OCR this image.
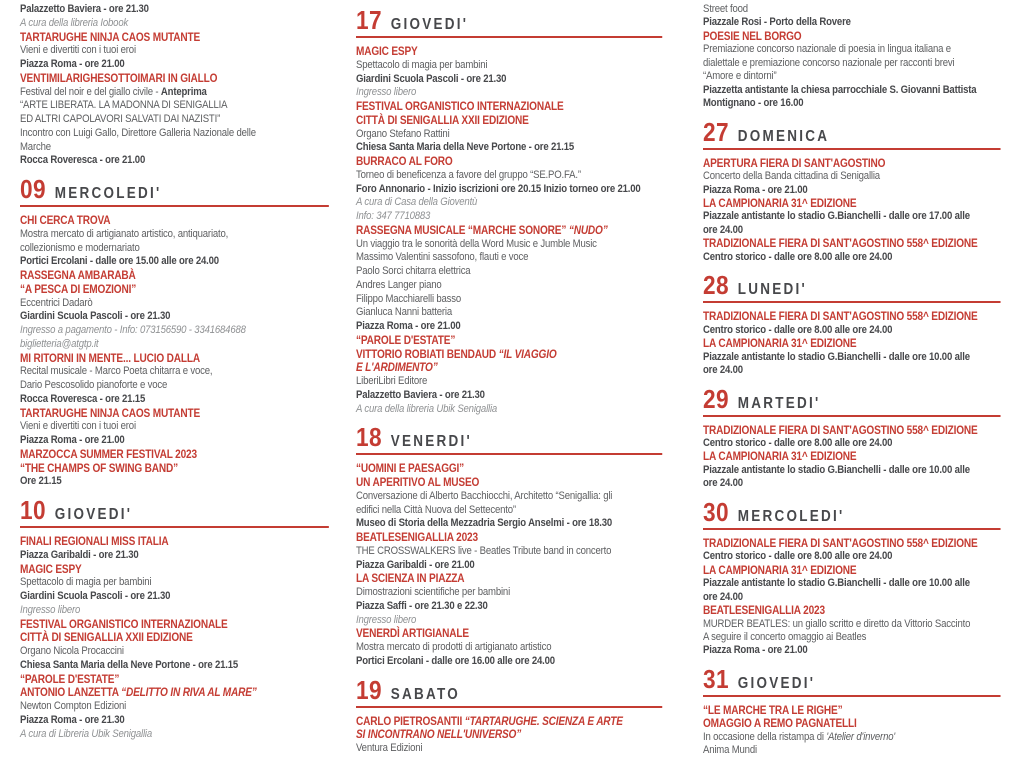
Palazzetto Baviera - ore 21.30
A cura della libreria Iobook
TARTARUGHE NINJA CAOS MUTANTE
Vieni e divertiti con i tuoi eroi
Piazza Roma - ore 21.00
VENTIMILARIGHESOTTOIMARI IN GIALLO
Festival del noir e del giallo civile - Anteprima
“ARTE LIBERATA. LA MADONNA DI SENIGALLIA
ED ALTRI CAPOLAVORI SALVATI DAI NAZISTI”
Incontro con Luigi Gallo, Direttore Galleria Nazionale delle
Marche
Rocca Roveresca - ore 21.00
09 MERCOLEDI'
CHI CERCA TROVA
Mostra mercato di artigianato artistico, antiquariato,
collezionismo e modernariato
Portici Ercolani - dalle ore 15.00 alle ore 24.00
RASSEGNA AMBARABÀ
“A PESCA DI EMOZIONI”
Eccentrici Dadarò
Giardini Scuola Pascoli - ore 21.30
Ingresso a pagamento - Info: 073156590 - 3341684688
biglietteria@atgtp.it
MI RITORNI IN MENTE... LUCIO DALLA
Recital musicale - Marco Poeta chitarra e voce,
Dario Pescosolido pianoforte e voce
Rocca Roveresca - ore 21.15
TARTARUGHE NINJA CAOS MUTANTE
Vieni e divertiti con i tuoi eroi
Piazza Roma - ore 21.00
MARZOCCA SUMMER FESTIVAL 2023
“THE CHAMPS OF SWING BAND”
Ore 21.15
10 GIOVEDI'
FINALI REGIONALI MISS ITALIA
Piazza Garibaldi - ore 21.30
MAGIC ESPY
Spettacolo di magia per bambini
Giardini Scuola Pascoli - ore 21.30
Ingresso libero
FESTIVAL ORGANISTICO INTERNAZIONALE
CITTÀ DI SENIGALLIA XXII EDIZIONE
Organo Nicola Procaccini
Chiesa Santa Maria della Neve Portone - ore 21.15
“PAROLE D'ESTATE”
ANTONIO LANZETTA “DELITTO IN RIVA AL MARE”
Newton Compton Edizioni
Piazza Roma - ore 21.30
A cura di Libreria Ubik Senigallia
17 GIOVEDI'
MAGIC ESPY
Spettacolo di magia per bambini
Giardini Scuola Pascoli - ore 21.30
Ingresso libero
FESTIVAL ORGANISTICO INTERNAZIONALE
CITTÀ DI SENIGALLIA XXII EDIZIONE
Organo Stefano Rattini
Chiesa Santa Maria della Neve Portone - ore 21.15
BURRACO AL FORO
Torneo di beneficenza a favore del gruppo “SE.PO.FA.”
Foro Annonario - Inizio iscrizioni ore 20.15 Inizio torneo ore 21.00
A cura di Casa della Gioventù
Info: 347 7710883
RASSEGNA MUSICALE “MARCHE SONORE” “NUDO”
Un viaggio tra le sonorità della Word Music e Jumble Music
Massimo Valentini sassofono, flauti e voce
Paolo Sorci chitarra elettrica
Andres Langer piano
Filippo Macchiarelli basso
Gianluca Nanni batteria
Piazza Roma - ore 21.00
“PAROLE D'ESTATE”
VITTORIO ROBIATI BENDAUD “IL VIAGGIO
E L'ARDIMENTO”
LiberiLibri Editore
Palazzetto Baviera - ore 21.30
A cura della libreria Ubik Senigallia
18 VENERDI'
“UOMINI E PAESAGGI”
UN APERITIVO AL MUSEO
Conversazione di Alberto Bacchiocchi, Architetto “Senigallia: gli
edifici nella Città Nuova del Settecento”
Museo di Storia della Mezzadria Sergio Anselmi - ore 18.30
BEATLESENIGALLIA 2023
THE CROSSWALKERS live - Beatles Tribute band in concerto
Piazza Garibaldi - ore 21.00
LA SCIENZA IN PIAZZA
Dimostrazioni scientifiche per bambini
Piazza Saffi - ore 21.30 e 22.30
Ingresso libero
VENERDÌ ARTIGIANALE
Mostra mercato di prodotti di artigianato artistico
Portici Ercolani - dalle ore 16.00 alle ore 24.00
19 SABATO
CARLO PIETROSANTII “TARTARUGHE. SCIENZA E ARTE
SI INCONTRANO NELL'UNIVERSO”
Ventura Edizioni
Street food
Piazzale Rosi - Porto della Rovere
POESIE NEL BORGO
Premiazione concorso nazionale di poesia in lingua italiana e
dialettale e premiazione concorso nazionale per racconti brevi
“Amore e dintorni”
Piazzetta antistante la chiesa parrocchiale S. Giovanni Battista
Montignano - ore 16.00
27 DOMENICA
APERTURA FIERA DI SANT'AGOSTINO
Concerto della Banda cittadina di Senigallia
Piazza Roma - ore 21.00
LA CAMPIONARIA 31^ EDIZIONE
Piazzale antistante lo stadio G.Bianchelli - dalle ore 17.00 alle
ore 24.00
TRADIZIONALE FIERA DI SANT'AGOSTINO 558^ EDIZIONE
Centro storico - dalle ore 8.00 alle ore 24.00
28 LUNEDI'
TRADIZIONALE FIERA DI SANT'AGOSTINO 558^ EDIZIONE
Centro storico - dalle ore 8.00 alle ore 24.00
LA CAMPIONARIA 31^ EDIZIONE
Piazzale antistante lo stadio G.Bianchelli - dalle ore 10.00 alle
ore 24.00
29 MARTEDI'
TRADIZIONALE FIERA DI SANT'AGOSTINO 558^ EDIZIONE
Centro storico - dalle ore 8.00 alle ore 24.00
LA CAMPIONARIA 31^ EDIZIONE
Piazzale antistante lo stadio G.Bianchelli - dalle ore 10.00 alle
ore 24.00
30 MERCOLEDI'
TRADIZIONALE FIERA DI SANT'AGOSTINO 558^ EDIZIONE
Centro storico - dalle ore 8.00 alle ore 24.00
LA CAMPIONARIA 31^ EDIZIONE
Piazzale antistante lo stadio G.Bianchelli - dalle ore 10.00 alle
ore 24.00
BEATLESENIGALLIA 2023
MURDER BEATLES: un giallo scritto e diretto da Vittorio Saccinto
A seguire il concerto omaggio ai Beatles
Piazza Roma - ore 21.00
31 GIOVEDI'
“LE MARCHE TRA LE RIGHE”
OMAGGIO A REMO PAGNATELLI
In occasione della ristampa di 'Atelier d'inverno'
Anima Mundi
